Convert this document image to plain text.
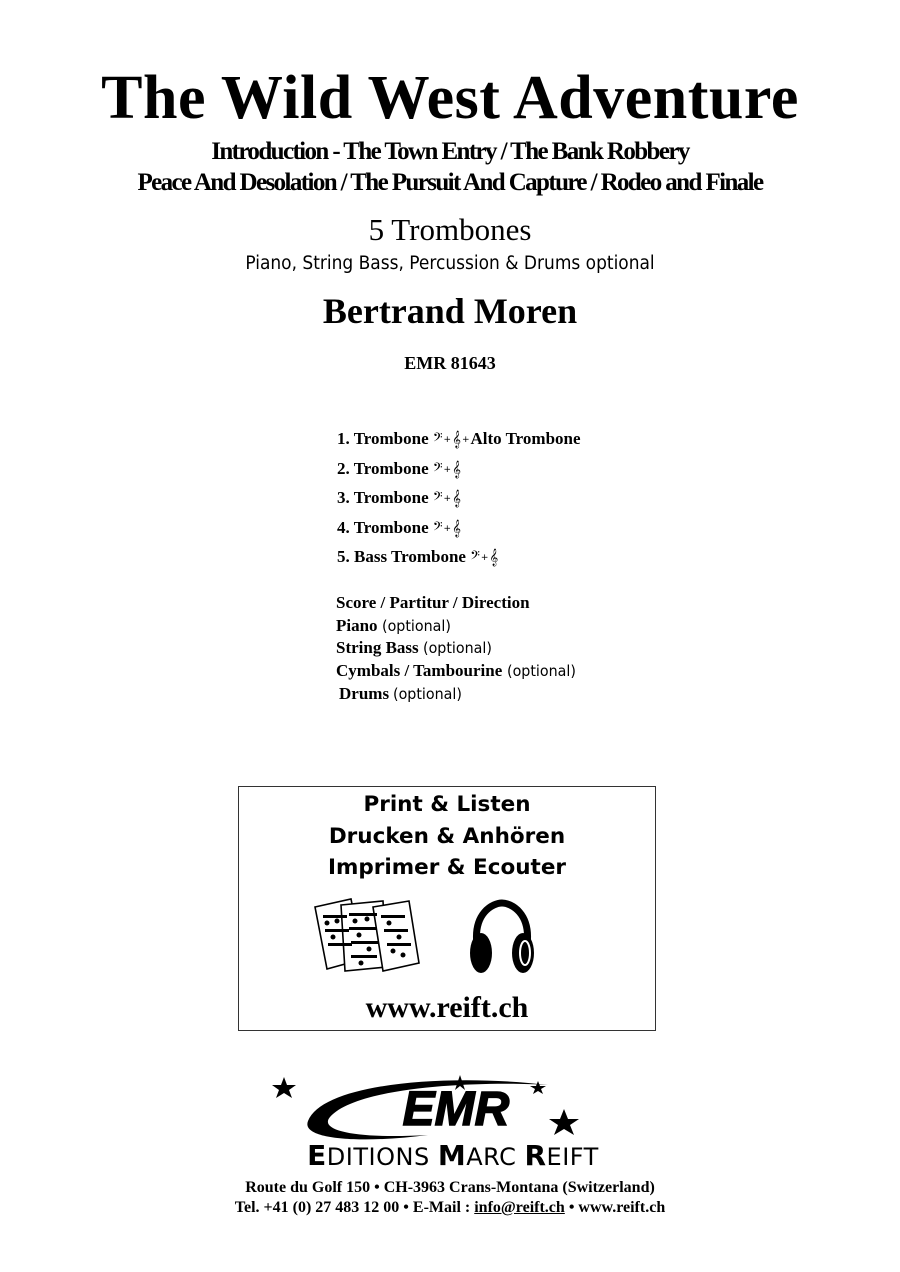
The Wild West Adventure
Introduction - The Town Entry / The Bank Robbery
Peace And Desolation / The Pursuit And Capture / Rodeo and Finale
5 Trombones
Piano, String Bass, Percussion & Drums optional
Bertrand Moren
EMR 81643
1. Trombone 𝄢+𝄞+Alto Trombone
2. Trombone 𝄢+𝄞
3. Trombone 𝄢+𝄞
4. Trombone 𝄢+𝄞
5. Bass Trombone 𝄢+𝄞
Score / Partitur / Direction
Piano (optional)
String Bass (optional)
Cymbals / Tambourine (optional)
Drums (optional)
Print & Listen
Drucken & Anhören
Imprimer & Ecouter
www.reift.ch
EMR
EDITIONS MARC REIFT
Route du Golf 150 • CH-3963 Crans-Montana (Switzerland)
Tel. +41 (0) 27 483 12 00 • E-Mail : info@reift.ch • www.reift.ch
